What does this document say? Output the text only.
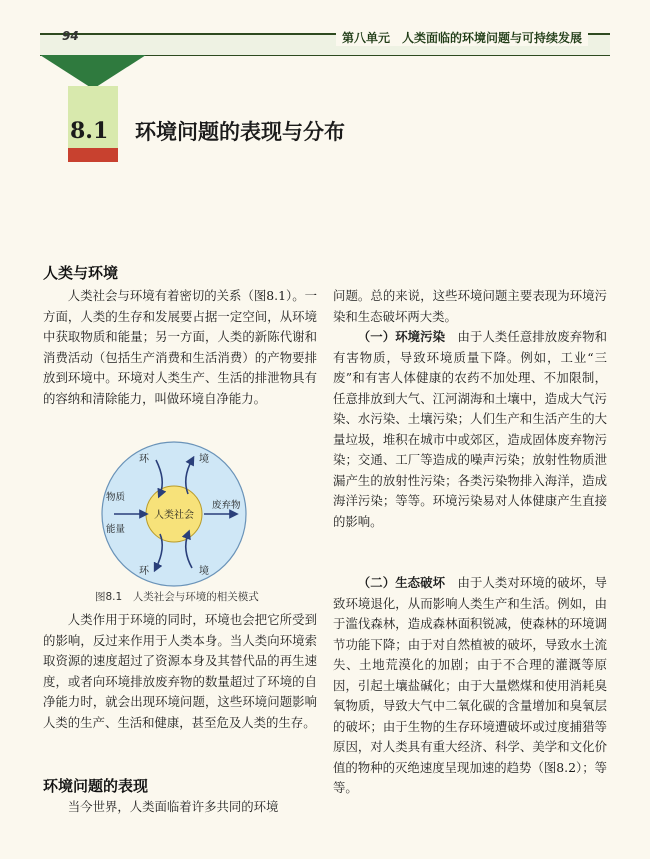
94	第八单元　人类面临的环境问题与可持续发展
8.1 环境问题的表现与分布
人类与环境

人类社会与环境有着密切的关系（图8.1）。一方面，人类的生存和发展要占据一定空间，从环境中获取物质和能量；另一方面，人类的新陈代谢和消费活动（包括生产消费和生活消费）的产物要排放到环境中。环境对人类生产、生活的排泄物具有的容纳和清除能力，叫做环境自净能力。

人类社会
环	境
环	境
物质
能量
废弃物
图8.1　人类社会与环境的相关模式

人类作用于环境的同时，环境也会把它所受到的影响，反过来作用于人类本身。当人类向环境索取资源的速度超过了资源本身及其替代品的再生速度，或者向环境排放废弃物的数量超过了环境的自净能力时，就会出现环境问题，这些环境问题影响人类的生产、生活和健康，甚至危及人类的生存。

环境问题的表现

当今世界，人类面临着许多共同的环境

问题。总的来说，这些环境问题主要表现为环境污染和生态破坏两大类。

（一）环境污染　 由于人类任意排放废弃物和有害物质，导致环境质量下降。例如，工业“三废”和有害人体健康的农药不加处理、不加限制，任意排放到大气、江河湖海和土壤中，造成大气污染、水污染、土壤污染；人们生产和生活产生的大量垃圾，堆积在城市中或郊区，造成固体废弃物污染；交通、工厂等造成的噪声污染；放射性物质泄漏产生的放射性污染；各类污染物排入海洋，造成海洋污染；等等。环境污染易对人体健康产生直接的影响。

（二）生态破坏　 由于人类对环境的破坏，导致环境退化，从而影响人类生产和生活。例如，由于滥伐森林，造成森林面积锐减，使森林的环境调节功能下降；由于对自然植被的破坏，导致水土流失、土地荒漠化的加剧；由于不合理的灌溉等原因，引起土壤盐碱化；由于大量燃煤和使用消耗臭氧物质，导致大气中二氧化碳的含量增加和臭氧层的破坏；由于生物的生存环境遭破坏或过度捕猎等原因，对人类具有重大经济、科学、美学和文化价值的物种的灭绝速度呈现加速的趋势（图8.2）；等等。
